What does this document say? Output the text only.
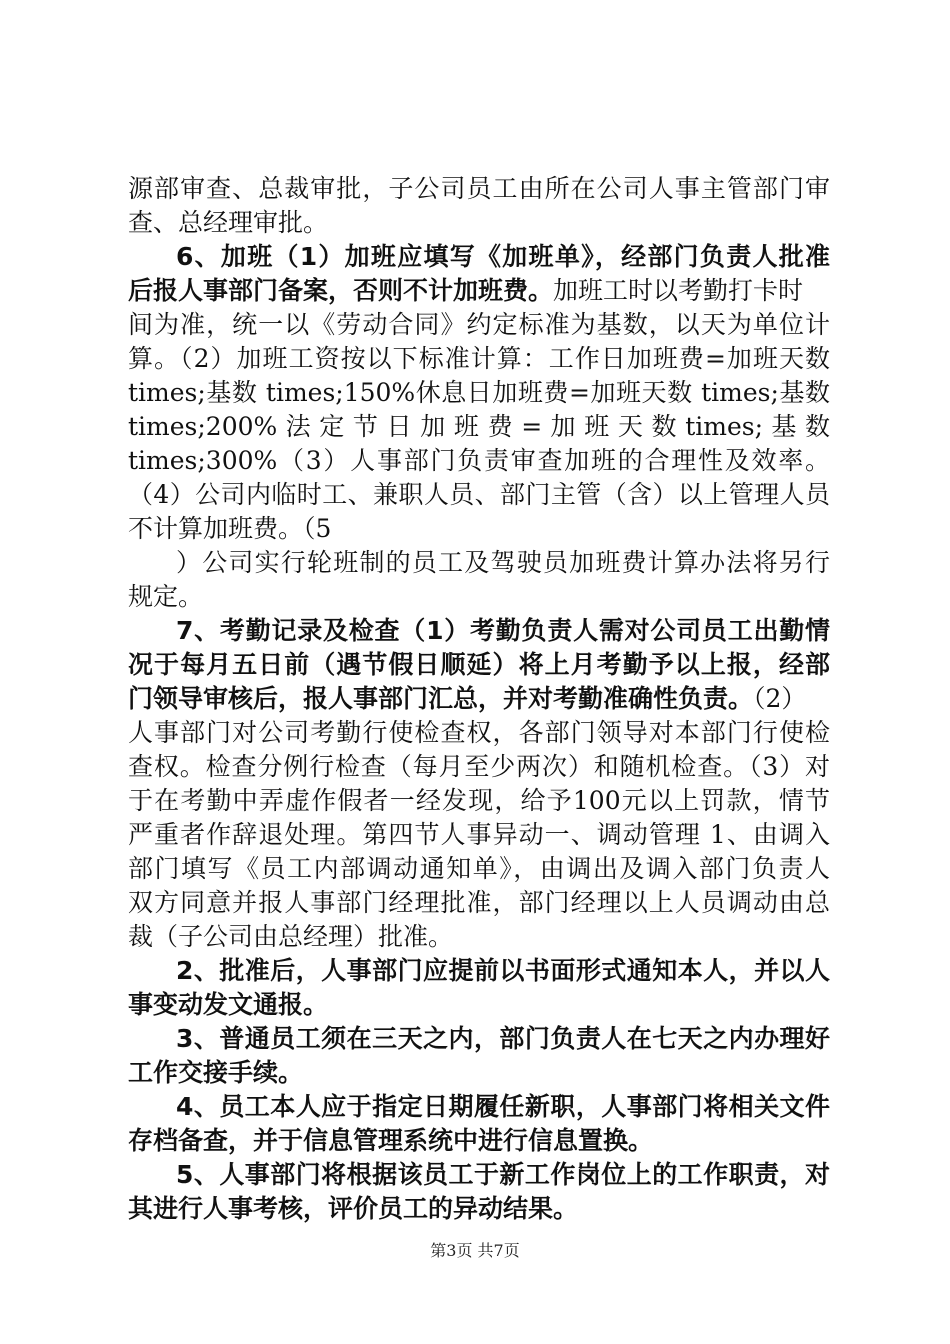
源部审查、总裁审批，子公司员工由所在公司人事主管部门审
查、总经理审批。
6、加班（1）加班应填写《加班单》，经部门负责人批准
后报人事部门备案，否则不计加班费。加班工时以考勤打卡时
间为准，统一以《劳动合同》约定标准为基数，以天为单位计
算。（2）加班工资按以下标准计算：工作日加班费=加班天数
times;基数 times;150%休息日加班费=加班天数 times;基数
times;200% 法 定 节 日 加 班 费 = 加 班 天 数 times; 基 数
times;300%（3）人事部门负责审查加班的合理性及效率。
（4）公司内临时工、兼职人员、部门主管（含）以上管理人员
不计算加班费。（5
）公司实行轮班制的员工及驾驶员加班费计算办法将另行
规定。
7、考勤记录及检查（1）考勤负责人需对公司员工出勤情
况于每月五日前（遇节假日顺延）将上月考勤予以上报，经部
门领导审核后，报人事部门汇总，并对考勤准确性负责。（2）
人事部门对公司考勤行使检查权，各部门领导对本部门行使检
查权。检查分例行检查（每月至少两次）和随机检查。（3）对
于在考勤中弄虚作假者一经发现，给予100元以上罚款，情节
严重者作辞退处理。第四节人事异动一、调动管理 1、由调入
部门填写《员工内部调动通知单》，由调出及调入部门负责人
双方同意并报人事部门经理批准，部门经理以上人员调动由总
裁（子公司由总经理）批准。
2、批准后，人事部门应提前以书面形式通知本人，并以人
事变动发文通报。
3、普通员工须在三天之内，部门负责人在七天之内办理好
工作交接手续。
4、员工本人应于指定日期履任新职，人事部门将相关文件
存档备查，并于信息管理系统中进行信息置换。
5、人事部门将根据该员工于新工作岗位上的工作职责，对
其进行人事考核，评价员工的异动结果。
第3页 共7页
